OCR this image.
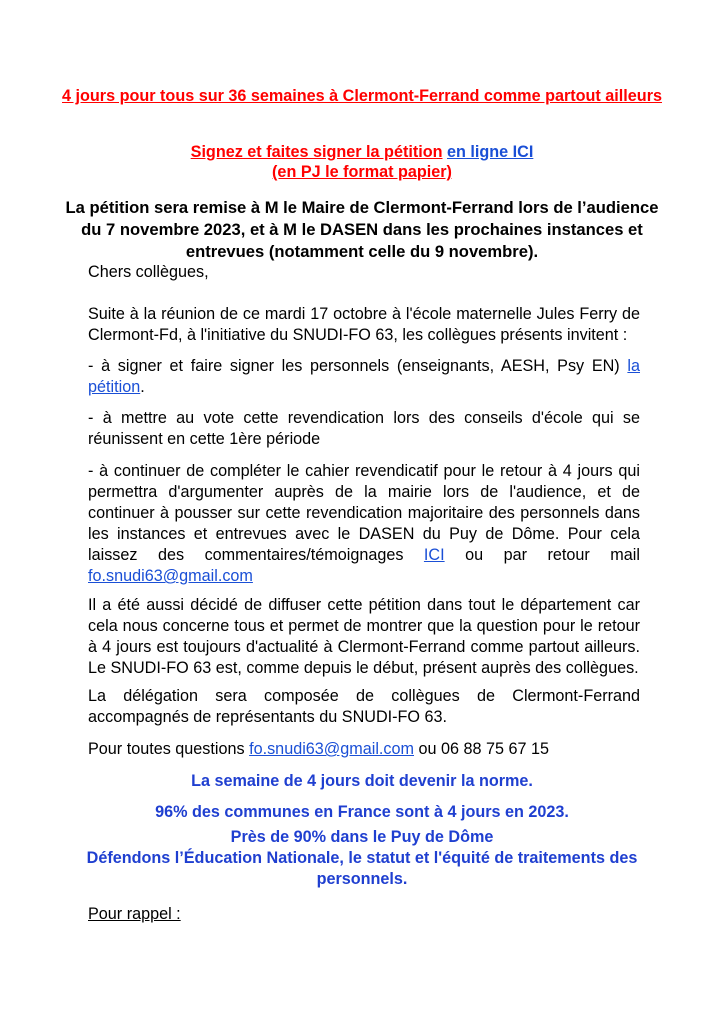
4 jours pour tous sur 36 semaines à Clermont-Ferrand comme partout ailleurs
Signez et faites signer la pétition en ligne ICI
(en PJ le format papier)
La pétition sera remise à M le Maire de Clermont-Ferrand lors de l’audience du 7 novembre 2023, et à M le DASEN dans les prochaines instances et entrevues (notamment celle du 9 novembre).
Chers collègues,
Suite à la réunion de ce mardi 17 octobre à l'école maternelle Jules Ferry de Clermont-Fd, à l'initiative du SNUDI-FO 63, les collègues présents invitent :
- à signer et faire signer les personnels (enseignants, AESH, Psy EN) la pétition.
- à mettre au vote cette revendication lors des conseils d'école qui se réunissent en cette 1ère période
- à continuer de compléter le cahier revendicatif pour le retour à 4 jours qui permettra d'argumenter auprès de la mairie lors de l'audience, et de continuer à pousser sur cette revendication majoritaire des personnels dans les instances et entrevues avec le DASEN du Puy de Dôme. Pour cela laissez des commentaires/témoignages ICI ou par retour mail fo.snudi63@gmail.com
Il a été aussi décidé de diffuser cette pétition dans tout le département car cela nous concerne tous et permet de montrer que la question pour le retour à 4 jours est toujours d'actualité à Clermont-Ferrand comme partout ailleurs. Le SNUDI-FO 63 est, comme depuis le début, présent auprès des collègues.
La délégation sera composée de collègues de Clermont-Ferrand accompagnés de représentants du SNUDI-FO 63.
Pour toutes questions fo.snudi63@gmail.com ou 06 88 75 67 15
La semaine de 4 jours doit devenir la norme.
96% des communes en France sont à 4 jours en 2023.
Près de 90% dans le Puy de Dôme
Défendons l’Éducation Nationale, le statut et l'équité de traitements des personnels.
Pour rappel :
